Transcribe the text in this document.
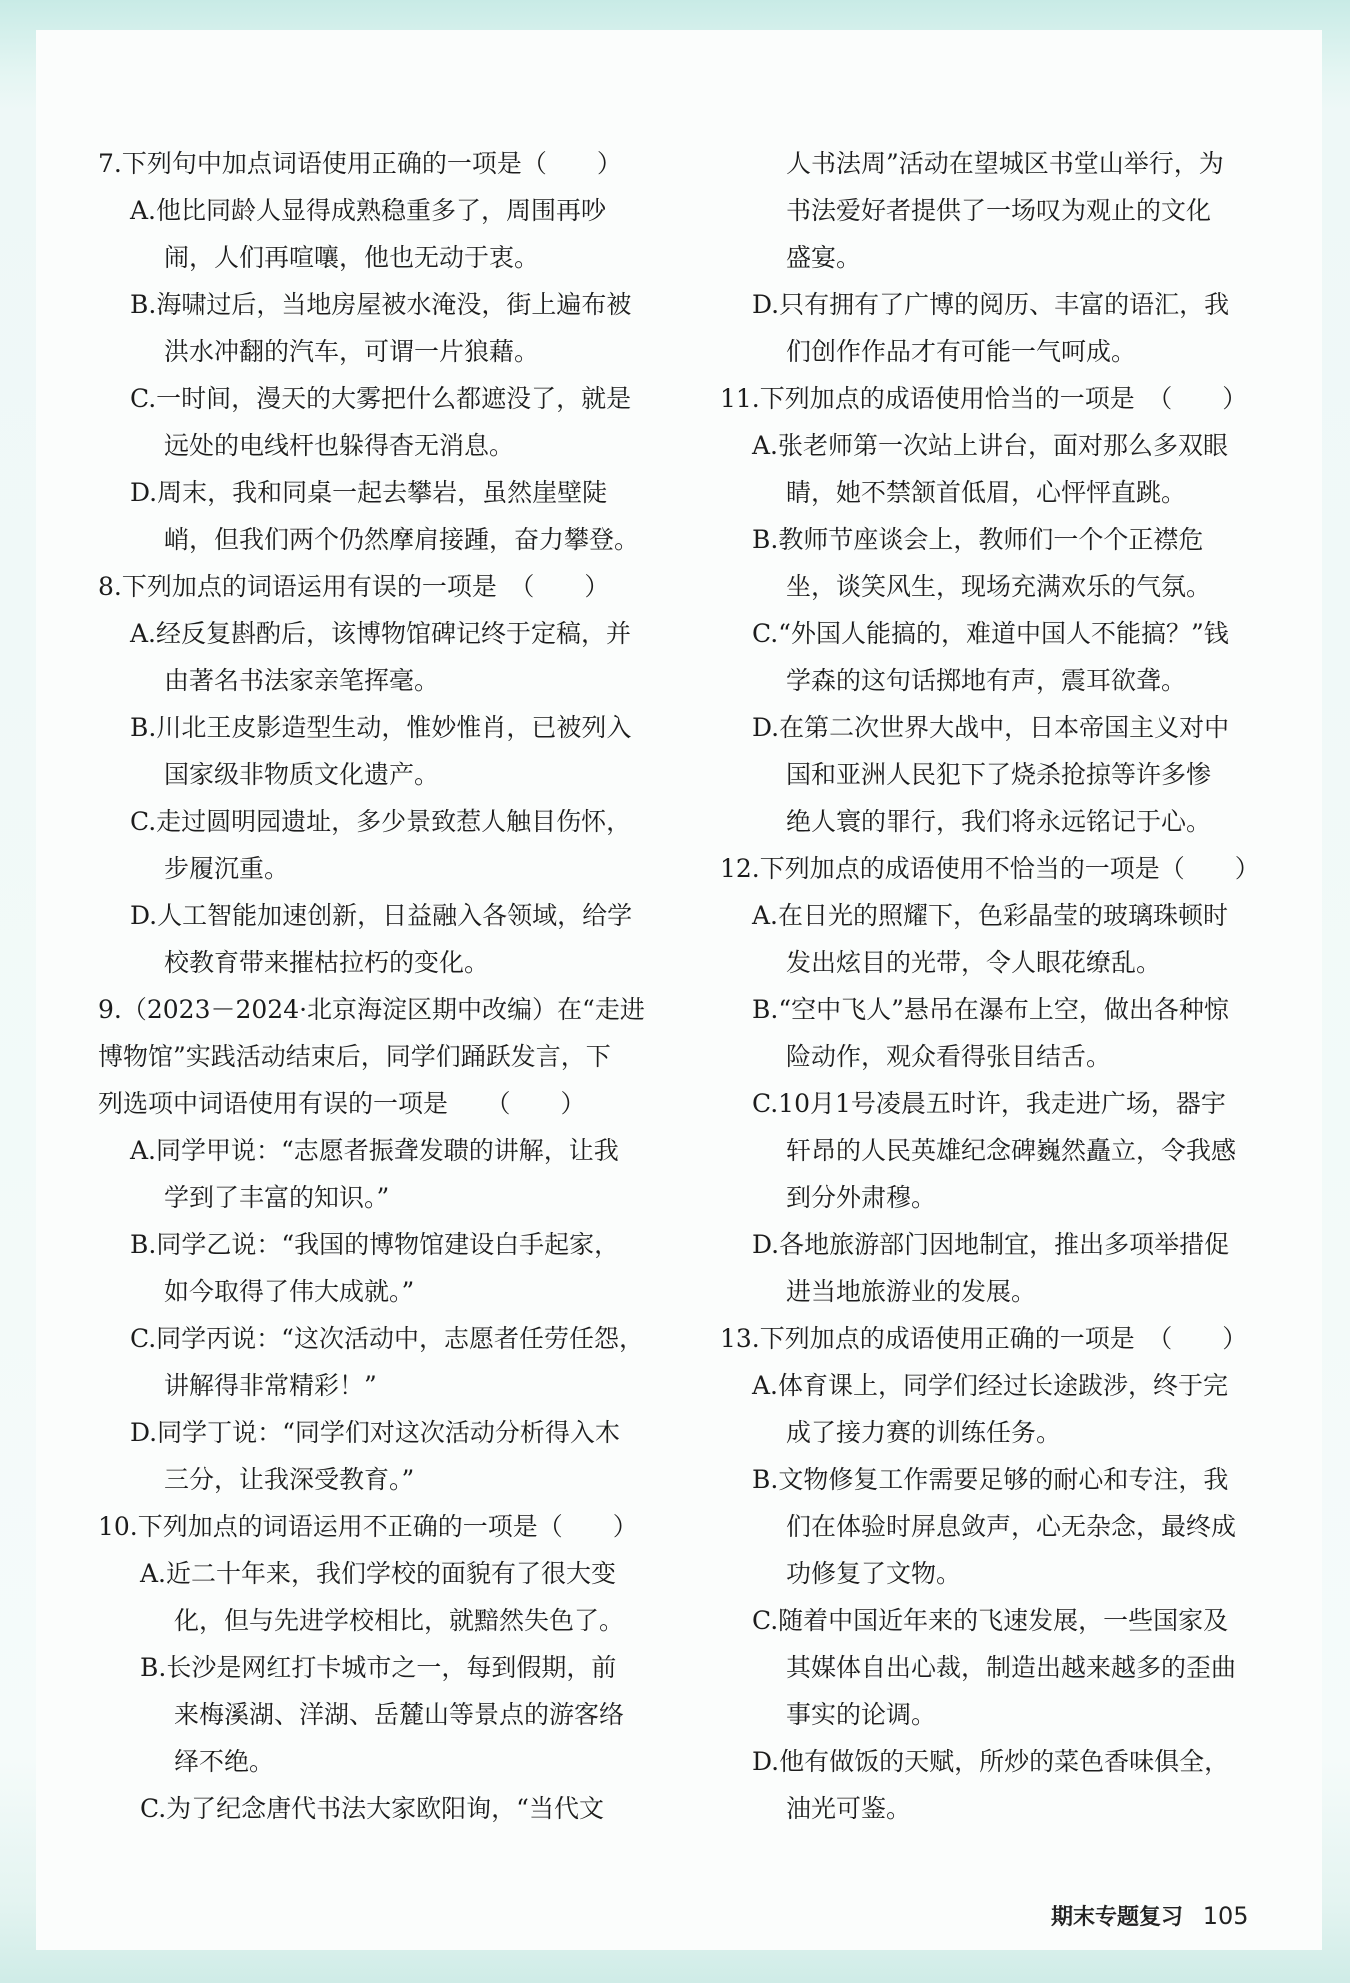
7.下列句中加点词语使用正确的一项是（　　）

A.他比同龄人显得成熟稳重多了，周围再吵

闹，人们再喧嚷，他也无动于衷。

B.海啸过后，当地房屋被水淹没，街上遍布被

洪水冲翻的汽车，可谓一片狼藉。

C.一时间，漫天的大雾把什么都遮没了，就是

远处的电线杆也躲得杳无消息。

D.周末，我和同桌一起去攀岩，虽然崖壁陡

峭，但我们两个仍然摩肩接踵，奋力攀登。

8.下列加点的词语运用有误的一项是　（　　）

A.经反复斟酌后，该博物馆碑记终于定稿，并

由著名书法家亲笔挥毫。

B.川北王皮影造型生动，惟妙惟肖，已被列入

国家级非物质文化遗产。

C.走过圆明园遗址，多少景致惹人触目伤怀，

步履沉重。

D.人工智能加速创新，日益融入各领域，给学

校教育带来摧枯拉朽的变化。

9.（2023－2024·北京海淀区期中改编）在“走进

博物馆”实践活动结束后，同学们踊跃发言，下

列选项中词语使用有误的一项是　　（　　）

A.同学甲说：“志愿者振聋发聩的讲解，让我

学到了丰富的知识。”

B.同学乙说：“我国的博物馆建设白手起家，

如今取得了伟大成就。”

C.同学丙说：“这次活动中，志愿者任劳任怨，

讲解得非常精彩！”

D.同学丁说：“同学们对这次活动分析得入木

三分，让我深受教育。”

10.下列加点的词语运用不正确的一项是（　　）

A.近二十年来，我们学校的面貌有了很大变

化，但与先进学校相比，就黯然失色了。

B.长沙是网红打卡城市之一，每到假期，前

来梅溪湖、洋湖、岳麓山等景点的游客络

绎不绝。

C.为了纪念唐代书法大家欧阳询，“当代文

人书法周”活动在望城区书堂山举行，为

书法爱好者提供了一场叹为观止的文化

盛宴。

D.只有拥有了广博的阅历、丰富的语汇，我

们创作作品才有可能一气呵成。

11.下列加点的成语使用恰当的一项是　（　　）

A.张老师第一次站上讲台，面对那么多双眼

睛，她不禁颔首低眉，心怦怦直跳。

B.教师节座谈会上，教师们一个个正襟危

坐，谈笑风生，现场充满欢乐的气氛。

C.“外国人能搞的，难道中国人不能搞？”钱

学森的这句话掷地有声，震耳欲聋。

D.在第二次世界大战中，日本帝国主义对中

国和亚洲人民犯下了烧杀抢掠等许多惨

绝人寰的罪行，我们将永远铭记于心。

12.下列加点的成语使用不恰当的一项是（　　）

A.在日光的照耀下，色彩晶莹的玻璃珠顿时

发出炫目的光带，令人眼花缭乱。

B.“空中飞人”悬吊在瀑布上空，做出各种惊

险动作，观众看得张目结舌。

C.10月1号凌晨五时许，我走进广场，器宇

轩昂的人民英雄纪念碑巍然矗立，令我感

到分外肃穆。

D.各地旅游部门因地制宜，推出多项举措促

进当地旅游业的发展。

13.下列加点的成语使用正确的一项是　（　　）

A.体育课上，同学们经过长途跋涉，终于完

成了接力赛的训练任务。

B.文物修复工作需要足够的耐心和专注，我

们在体验时屏息敛声，心无杂念，最终成

功修复了文物。

C.随着中国近年来的飞速发展，一些国家及

其媒体自出心裁，制造出越来越多的歪曲

事实的论调。

D.他有做饭的天赋，所炒的菜色香味俱全，

油光可鉴。

期末专题复习 105
